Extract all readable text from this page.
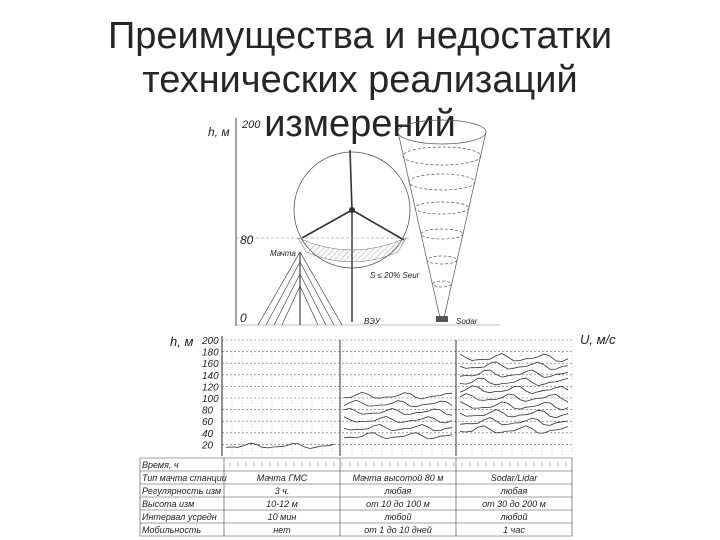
Преимущества и недостатки
технических реализаций
измерений
h, м 200
80
0
Мачта
S ≤ 20% Seur
ВЭУ	Sodar
200
180
160
140
120
100
80
60
40
20
h, м	U, м/с
Время, ч
Тип мачта станции	Мачта ГМС	Мачта высотой 80 м	Sodar/Lidar
Регулярность изм	3 ч.	любая	любая
Высота изм	10-12 м	от 10 до 100 м	от 30 до 200 м
Интервал усредн	10 мин	любой	любой
Мобильность	нет	от 1 до 10 дней	1 час
